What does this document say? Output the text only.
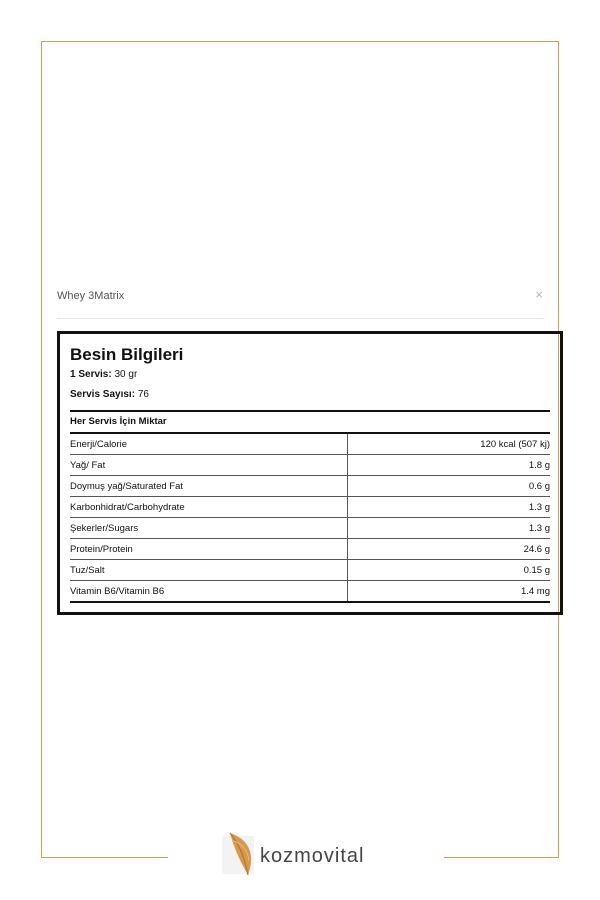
Whey 3Matrix	×
Besin Bilgileri
1 Servis: 30 gr
Servis Sayısı: 76
Her Servis İçin Miktar
Enerji/Calorie	120 kcal (507 kj)
Yağ/ Fat	1.8 g
Doymuş yağ/Saturated Fat	0.6 g
Karbonhidrat/Carbohydrate	1.3 g
Şekerler/Sugars	1.3 g
Protein/Protein	24.6 g
Tuz/Salt	0.15 g
Vitamin B6/Vitamin B6	1.4 mg
kozmovital
